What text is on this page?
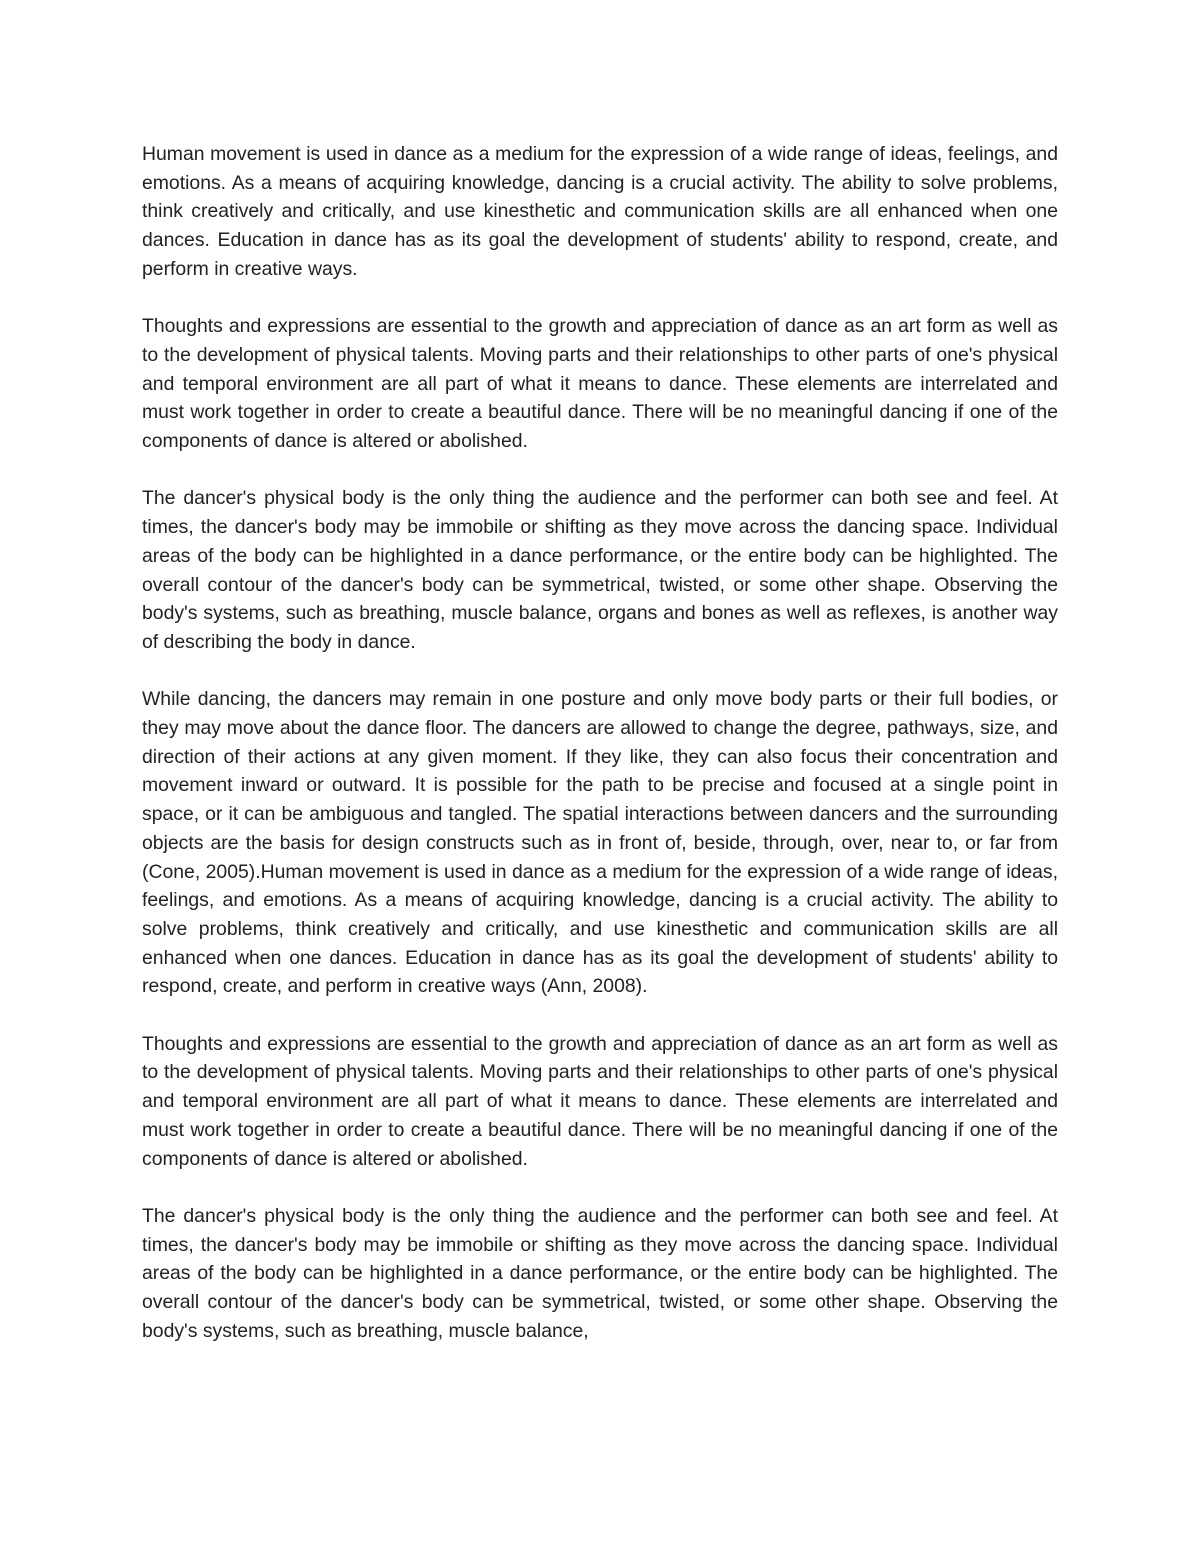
Human movement is used in dance as a medium for the expression of a wide range of ideas, feelings, and emotions. As a means of acquiring knowledge, dancing is a crucial activity. The ability to solve problems, think creatively and critically, and use kinesthetic and communication skills are all enhanced when one dances. Education in dance has as its goal the development of students' ability to respond, create, and perform in creative ways.

Thoughts and expressions are essential to the growth and appreciation of dance as an art form as well as to the development of physical talents. Moving parts and their relationships to other parts of one's physical and temporal environment are all part of what it means to dance. These elements are interrelated and must work together in order to create a beautiful dance. There will be no meaningful dancing if one of the components of dance is altered or abolished.

The dancer's physical body is the only thing the audience and the performer can both see and feel. At times, the dancer's body may be immobile or shifting as they move across the dancing space. Individual areas of the body can be highlighted in a dance performance, or the entire body can be highlighted. The overall contour of the dancer's body can be symmetrical, twisted, or some other shape. Observing the body's systems, such as breathing, muscle balance, organs and bones as well as reflexes, is another way of describing the body in dance.

While dancing, the dancers may remain in one posture and only move body parts or their full bodies, or they may move about the dance floor. The dancers are allowed to change the degree, pathways, size, and direction of their actions at any given moment. If they like, they can also focus their concentration and movement inward or outward. It is possible for the path to be precise and focused at a single point in space, or it can be ambiguous and tangled. The spatial interactions between dancers and the surrounding objects are the basis for design constructs such as in front of, beside, through, over, near to, or far from (Cone, 2005).Human movement is used in dance as a medium for the expression of a wide range of ideas, feelings, and emotions. As a means of acquiring knowledge, dancing is a crucial activity. The ability to solve problems, think creatively and critically, and use kinesthetic and communication skills are all enhanced when one dances. Education in dance has as its goal the development of students' ability to respond, create, and perform in creative ways (Ann, 2008).

Thoughts and expressions are essential to the growth and appreciation of dance as an art form as well as to the development of physical talents. Moving parts and their relationships to other parts of one's physical and temporal environment are all part of what it means to dance. These elements are interrelated and must work together in order to create a beautiful dance. There will be no meaningful dancing if one of the components of dance is altered or abolished.

The dancer's physical body is the only thing the audience and the performer can both see and feel. At times, the dancer's body may be immobile or shifting as they move across the dancing space. Individual areas of the body can be highlighted in a dance performance, or the entire body can be highlighted. The overall contour of the dancer's body can be symmetrical, twisted, or some other shape. Observing the body's systems, such as breathing, muscle balance,
